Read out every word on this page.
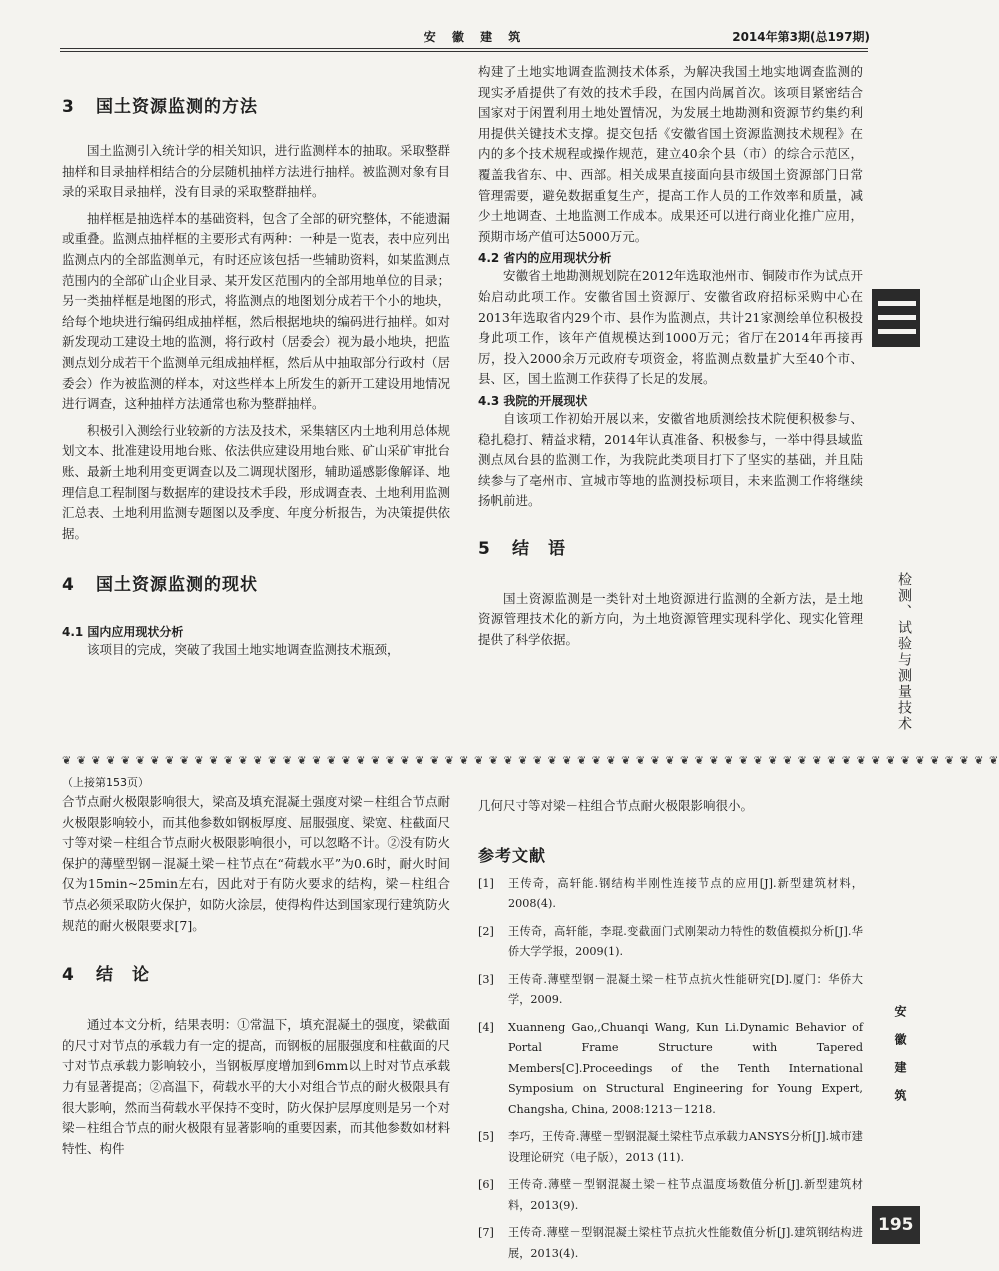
安 徽 建 筑	2014年第3期(总197期)
3 国土资源监测的方法

国土监测引入统计学的相关知识，进行监测样本的抽取。采取整群抽样和目录抽样相结合的分层随机抽样方法进行抽样。被监测对象有目录的采取目录抽样，没有目录的采取整群抽样。

抽样框是抽选样本的基础资料，包含了全部的研究整体，不能遗漏或重叠。监测点抽样框的主要形式有两种：一种是一览表，表中应列出监测点内的全部监测单元，有时还应该包括一些辅助资料，如某监测点范围内的全部矿山企业目录、某开发区范围内的全部用地单位的目录；另一类抽样框是地图的形式，将监测点的地图划分成若干个小的地块，给每个地块进行编码组成抽样框，然后根据地块的编码进行抽样。如对新发现动工建设土地的监测，将行政村（居委会）视为最小地块，把监测点划分成若干个监测单元组成抽样框，然后从中抽取部分行政村（居委会）作为被监测的样本，对这些样本上所发生的新开工建设用地情况进行调查，这种抽样方法通常也称为整群抽样。

积极引入测绘行业较新的方法及技术，采集辖区内土地利用总体规划文本、批准建设用地台账、依法供应建设用地台账、矿山采矿审批台账、最新土地利用变更调查以及二调现状图形，辅助遥感影像解译、地理信息工程制图与数据库的建设技术手段，形成调查表、土地利用监测汇总表、土地利用监测专题图以及季度、年度分析报告，为决策提供依据。

4 国土资源监测的现状
4.1 国内应用现状分析

该项目的完成，突破了我国土地实地调查监测技术瓶颈，

构建了土地实地调查监测技术体系，为解决我国土地实地调查监测的现实矛盾提供了有效的技术手段，在国内尚属首次。该项目紧密结合国家对于闲置利用土地处置情况，为发展土地勘测和资源节约集约利用提供关键技术支撑。提交包括《安徽省国土资源监测技术规程》在内的多个技术规程或操作规范，建立40余个县（市）的综合示范区，覆盖我省东、中、西部。相关成果直接面向县市级国土资源部门日常管理需要，避免数据重复生产，提高工作人员的工作效率和质量，减少土地调查、土地监测工作成本。成果还可以进行商业化推广应用，预期市场产值可达5000万元。

4.2 省内的应用现状分析

安徽省土地勘测规划院在2012年选取池州市、铜陵市作为试点开始启动此项工作。安徽省国土资源厅、安徽省政府招标采购中心在2013年选取省内29个市、县作为监测点，共计21家测绘单位积极投身此项工作，该年产值规模达到1000万元；省厅在2014年再接再厉，投入2000余万元政府专项资金，将监测点数量扩大至40个市、县、区，国土监测工作获得了长足的发展。

4.3 我院的开展现状

自该项工作初始开展以来，安徽省地质测绘技术院便积极参与、稳扎稳打、精益求精，2014年认真准备、积极参与，一举中得县域监测点凤台县的监测工作，为我院此类项目打下了坚实的基础，并且陆续参与了亳州市、宣城市等地的监测投标项目，未来监测工作将继续扬帆前进。

5 结　语

国土资源监测是一类针对土地资源进行监测的全新方法，是土地资源管理技术化的新方向，为土地资源管理实现科学化、现实化管理提供了科学依据。

❦ ❦ ❦ ❦ ❦ ❦ ❦ ❦ ❦ ❦ ❦ ❦ ❦ ❦ ❦ ❦ ❦ ❦ ❦ ❦ ❦ ❦ ❦ ❦ ❦ ❦ ❦ ❦ ❦ ❦ ❦ ❦ ❦ ❦ ❦ ❦ ❦ ❦ ❦ ❦ ❦ ❦ ❦ ❦ ❦ ❦ ❦ ❦ ❦ ❦ ❦ ❦ ❦ ❦ ❦ ❦ ❦ ❦ ❦ ❦ ❦ ❦ ❦ ❦
（上接第153页）

合节点耐火极限影响很大，梁高及填充混凝土强度对梁－柱组合节点耐火极限影响较小，而其他参数如钢板厚度、屈服强度、梁宽、柱截面尺寸等对梁－柱组合节点耐火极限影响很小，可以忽略不计。②没有防火保护的薄壁型钢－混凝土梁－柱节点在“荷载水平”为0.6时，耐火时间仅为15min~25min左右，因此对于有防火要求的结构，梁－柱组合节点必须采取防火保护，如防火涂层，使得构件达到国家现行建筑防火规范的耐火极限要求[7]。

4 结　论

通过本文分析，结果表明：①常温下，填充混凝土的强度，梁截面的尺寸对节点的承载力有一定的提高，而钢板的屈服强度和柱截面的尺寸对节点承载力影响较小，当钢板厚度增加到6mm以上时对节点承载力有显著提高；②高温下，荷载水平的大小对组合节点的耐火极限具有很大影响，然而当荷载水平保持不变时，防火保护层厚度则是另一个对梁－柱组合节点的耐火极限有显著影响的重要因素，而其他参数如材料特性、构件

几何尺寸等对梁－柱组合节点耐火极限影响很小。

参考文献
[1] 王传奇，高轩能.钢结构半刚性连接节点的应用[J].新型建筑材料，2008(4).
[2] 王传奇，高轩能，李琨.变截面门式刚架动力特性的数值模拟分析[J].华侨大学学报，2009(1).
[3] 王传奇.薄壁型钢－混凝土梁－柱节点抗火性能研究[D].厦门：华侨大学，2009.
[4] Xuanneng Gao,,Chuanqi Wang, Kun Li.Dynamic Behavior of Portal Frame Structure with Tapered Members[C].Proceedings of the Tenth International Symposium on Structural Engineering for Young Expert, Changsha, China, 2008:1213－1218.
[5] 李巧，王传奇.薄壁－型钢混凝土梁柱节点承载力ANSYS分析[J].城市建设理论研究（电子版），2013 (11).
[6] 王传奇.薄壁－型钢混凝土梁－柱节点温度场数值分析[J].新型建筑材料，2013(9).
[7] 王传奇.薄壁－型钢混凝土梁柱节点抗火性能数值分析[J].建筑钢结构进展，2013(4).
检测、试验与测量技术
安徽建筑
195
